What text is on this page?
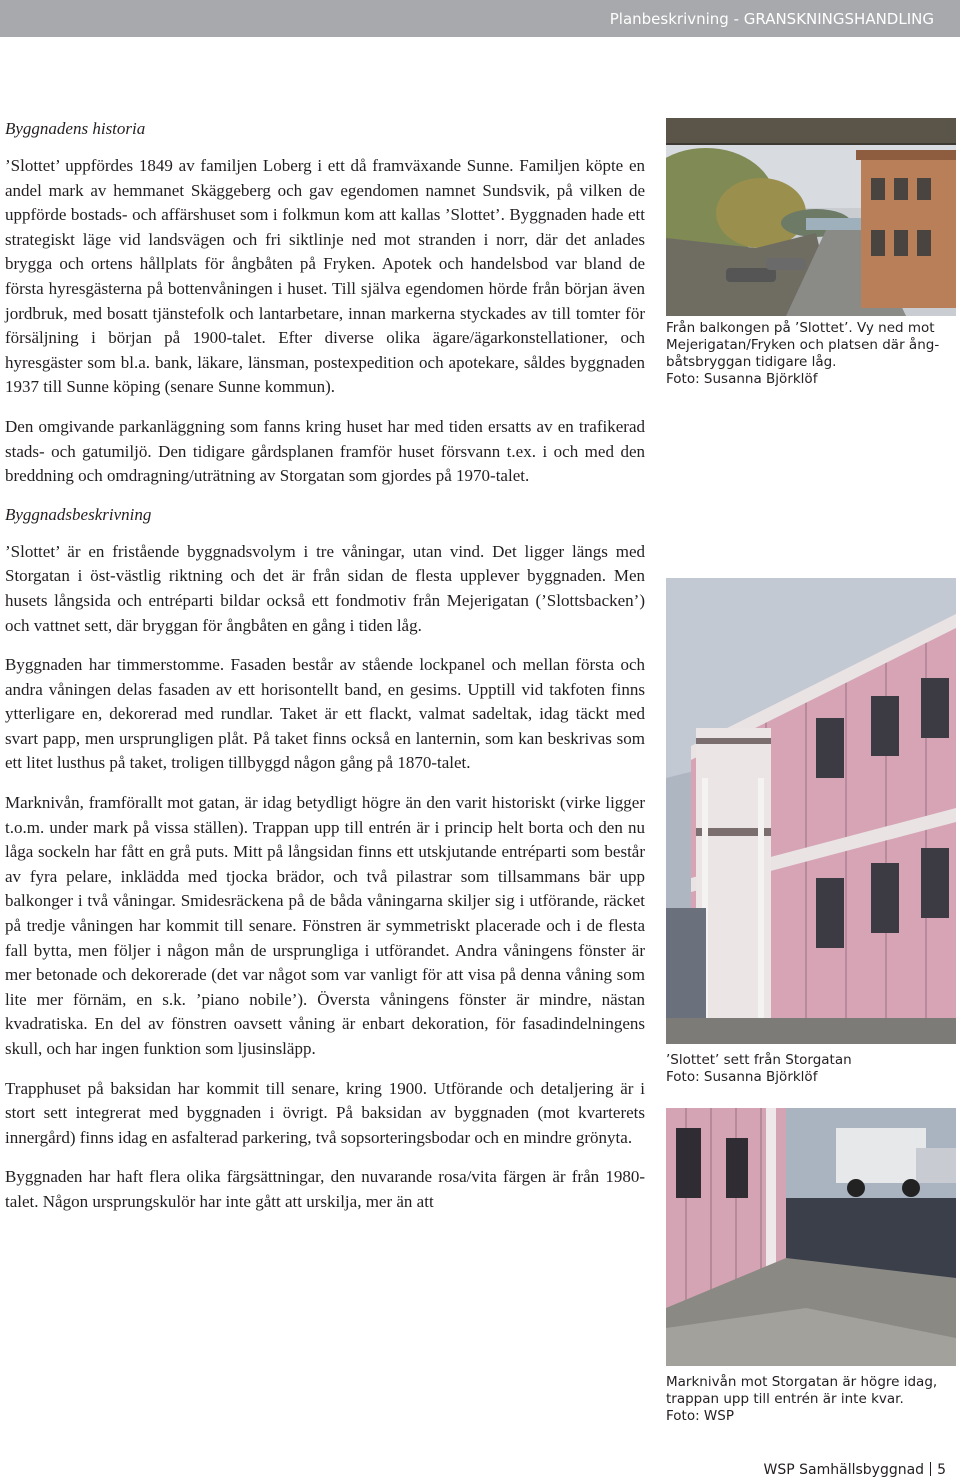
Planbeskrivning - GRANSKNINGSHANDLING

Byggnadens historia

’Slottet’ uppfördes 1849 av familjen Loberg i ett då framväxande Sunne. Familjen köpte en andel mark av hemmanet Skäggeberg och gav egendomen namnet Sundsvik, på vilken de uppförde bostads- och affärshuset som i folkmun kom att kallas ’Slottet’. Byggnaden hade ett strategiskt läge vid landsvägen och fri siktlinje ned mot stranden i norr, där det anlades brygga och ortens hållplats för ångbåten på Fryken. Apotek och handelsbod var bland de första hyresgästerna på bottenvåningen i huset. Till själva egendomen hörde från början även jordbruk, med bosatt tjänstefolk och lantarbetare, innan markerna styckades av till tomter för försäljning i början på 1900-talet. Efter diverse olika ägare/ägarkonstellationer, och hyresgäster som bl.a. bank, läkare, länsman, postexpedition och apotekare, såldes byggnaden 1937 till Sunne köping (senare Sunne kommun).

Den omgivande parkanläggning som fanns kring huset har med tiden ersatts av en trafikerad stads- och gatumiljö. Den tidigare gårdsplanen framför huset försvann t.ex. i och med den breddning och omdragning/uträtning av Storgatan som gjordes på 1970-talet.

Byggnadsbeskrivning

’Slottet’ är en fristående byggnadsvolym i tre våningar, utan vind. Det ligger längs med Storgatan i öst-västlig riktning och det är från sidan de flesta upplever byggnaden. Men husets långsida och entréparti bildar också ett fondmotiv från Mejerigatan (’Slottsbacken’) och vattnet sett, där bryggan för ångbåten en gång i tiden låg.

Byggnaden har timmerstomme. Fasaden består av stående lockpanel och mellan första och andra våningen delas fasaden av ett horisontellt band, en gesims. Upptill vid takfoten finns ytterligare en, dekorerad med rundlar. Taket är ett flackt, valmat sadeltak, idag täckt med svart papp, men ursprungligen plåt. På taket finns också en lanternin, som kan beskrivas som ett litet lusthus på taket, troligen tillbyggd någon gång på 1870-talet.

Marknivån, framförallt mot gatan, är idag betydligt högre än den varit historiskt (virke ligger t.o.m. under mark på vissa ställen). Trappan upp till entrén är i princip helt borta och den nu låga sockeln har fått en grå puts. Mitt på långsidan finns ett utskjutande entréparti som består av fyra pelare, inklädda med tjocka brädor, och två pilastrar som tillsammans bär upp balkonger i två våningar. Smidesräckena på de båda våningarna skiljer sig i utförande, räcket på tredje våningen har kommit till senare. Fönstren är symmetriskt placerade och i de flesta fall bytta, men följer i någon mån de ursprungliga i utförandet. Andra våningens fönster är mer betonade och dekorerade (det var något som var vanligt för att visa på denna våning som lite mer förnäm, en s.k. ’piano nobile’). Översta våningens fönster är mindre, nästan kvadratiska. En del av fönstren oavsett våning är enbart dekoration, för fasadindelningens skull, och har ingen funktion som ljusinsläpp.

Trapphuset på baksidan har kommit till senare, kring 1900. Utförande och detaljering är i stort sett integrerat med byggnaden i övrigt. På baksidan av byggnaden (mot kvarterets innergård) finns idag en asfalterad parkering, två sopsorteringsbodar och en mindre grönyta.

Byggnaden har haft flera olika färgsättningar, den nuvarande rosa/vita färgen är från 1980-talet. Någon ursprungskulör har inte gått att urskilja, mer än att

Från balkongen på ’Slottet’. Vy ned mot
Mejerigatan/Fryken och platsen där ång-
båtsbryggan tidigare låg.
Foto: Susanna Björklöf
’Slottet’ sett från Storgatan
Foto: Susanna Björklöf
Marknivån mot Storgatan är högre idag,
trappan upp till entrén är inte kvar.
Foto: WSP
WSP Samhällsbyggnad 5
